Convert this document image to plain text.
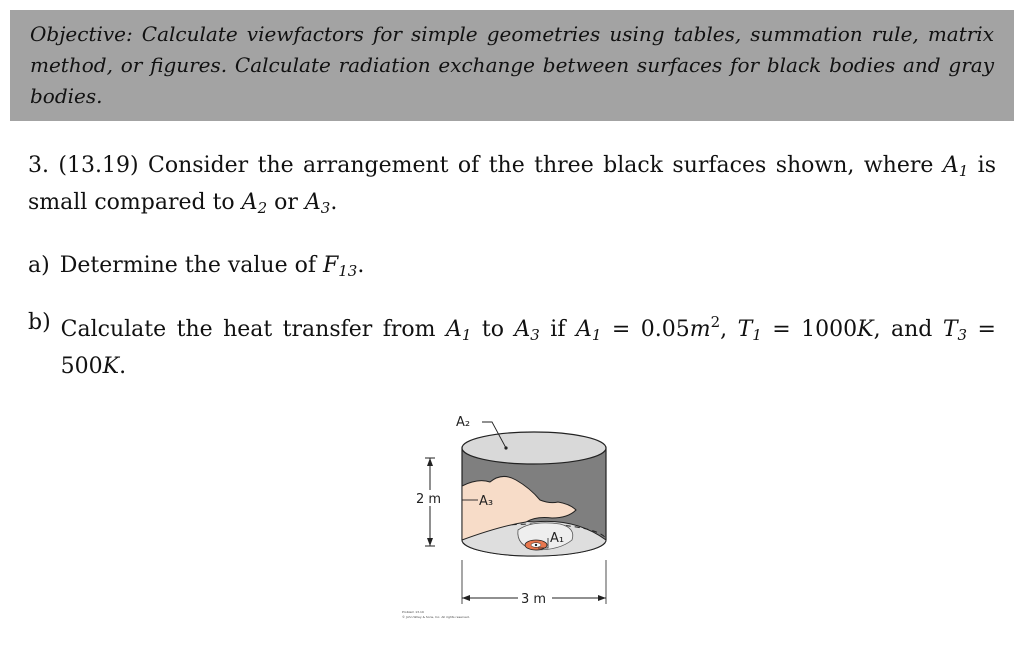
Objective: Calculate viewfactors for simple geometries using tables, summation rule, matrix method, or figures. Calculate radiation exchange between surfaces for black bodies and gray bodies.

3. (13.19) Consider the arrangement of the three black surfaces shown, where $A_1$ is small compared to $A_2$ or $A_3$.

a) Determine the value of $F_{13}$.

b) Calculate the heat transfer from $A_1$ to $A_3$ if $A_1 = 0.05m^2$, $T_1 = 1000K$, and $T_3 = 500K$.
A₂
A₃
A₁
2 m
3 m
Problem 13.19
© John Wiley & Sons, Inc. All rights reserved.
